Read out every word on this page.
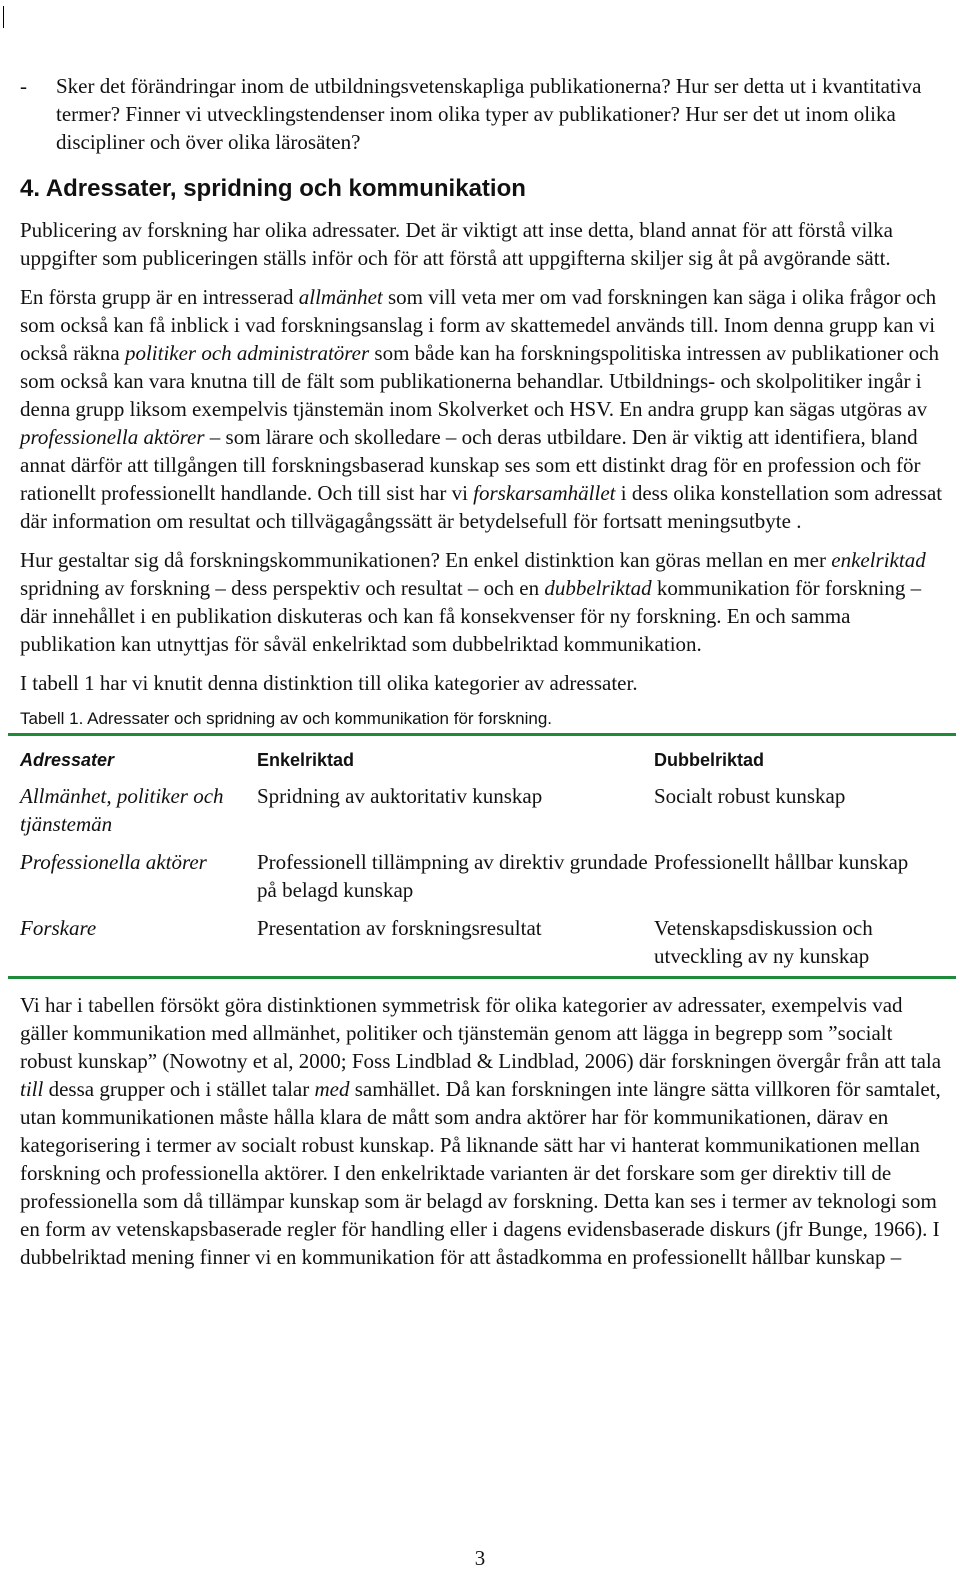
-	Sker det förändringar inom de utbildningsvetenskapliga publikationerna? Hur ser detta ut i kvantitativa termer? Finner vi utvecklingstendenser inom olika typer av publikationer? Hur ser det ut inom olika discipliner och över olika lärosäten?
4. Adressater, spridning och kommunikation

Publicering av forskning har olika adressater. Det är viktigt att inse detta, bland annat för att förstå vilka uppgifter som publiceringen ställs inför och för att förstå att uppgifterna skiljer sig åt på avgörande sätt.

En första grupp är en intresserad allmänhet som vill veta mer om vad forskningen kan säga i olika frågor och som också kan få inblick i vad forskningsanslag i form av skattemedel används till. Inom denna grupp kan vi också räkna politiker och administratörer som både kan ha forskningspolitiska intressen av publikationer och som också kan vara knutna till de fält som publikationerna behandlar. Utbildnings- och skolpolitiker ingår i denna grupp liksom exempelvis tjänstemän inom Skolverket och HSV. En andra grupp kan sägas utgöras av professionella aktörer – som lärare och skolledare – och deras utbildare. Den är viktig att identifiera, bland annat därför att tillgången till forskningsbaserad kunskap ses som ett distinkt drag för en profession och för rationellt professionellt handlande. Och till sist har vi forskarsamhället i dess olika konstellation som adressat där information om resultat och tillvägagångssätt är betydelsefull för fortsatt meningsutbyte .

Hur gestaltar sig då forskningskommunikationen? En enkel distinktion kan göras mellan en mer enkelriktad spridning av forskning – dess perspektiv och resultat – och en dubbelriktad kommunikation för forskning – där innehållet i en publikation diskuteras och kan få konsekvenser för ny forskning. En och samma publikation kan utnyttjas för såväl enkelriktad som dubbelriktad kommunikation.

I tabell 1 har vi knutit denna distinktion till olika kategorier av adressater.

Tabell 1. Adressater och spridning av och kommunikation för forskning.
Adressater	Enkelriktad	Dubbelriktad
Allmänhet, politiker och tjänstemän	Spridning av auktoritativ kunskap	Socialt robust kunskap
Professionella aktörer	Professionell tillämpning av direktiv grundade på belagd kunskap	Professionellt hållbar kunskap
Forskare	Presentation av forskningsresultat	Vetenskapsdiskussion och utveckling av ny kunskap

Vi har i tabellen försökt göra distinktionen symmetrisk för olika kategorier av adressater, exempelvis vad gäller kommunikation med allmänhet, politiker och tjänstemän genom att lägga in begrepp som ”socialt robust kunskap” (Nowotny et al, 2000; Foss Lindblad & Lindblad, 2006) där forskningen övergår från att tala till dessa grupper och i stället talar med samhället. Då kan forskningen inte längre sätta villkoren för samtalet, utan kommunikationen måste hålla klara de mått som andra aktörer har för kommunikationen, därav en kategorisering i termer av socialt robust kunskap. På liknande sätt har vi hanterat kommunikationen mellan forskning och professionella aktörer. I den enkelriktade varianten är det forskare som ger direktiv till de professionella som då tillämpar kunskap som är belagd av forskning. Detta kan ses i termer av teknologi som en form av vetenskapsbaserade regler för handling eller i dagens evidensbaserade diskurs (jfr Bunge, 1966). I dubbelriktad mening finner vi en kommunikation för att åstadkomma en professionellt hållbar kunskap –

3
